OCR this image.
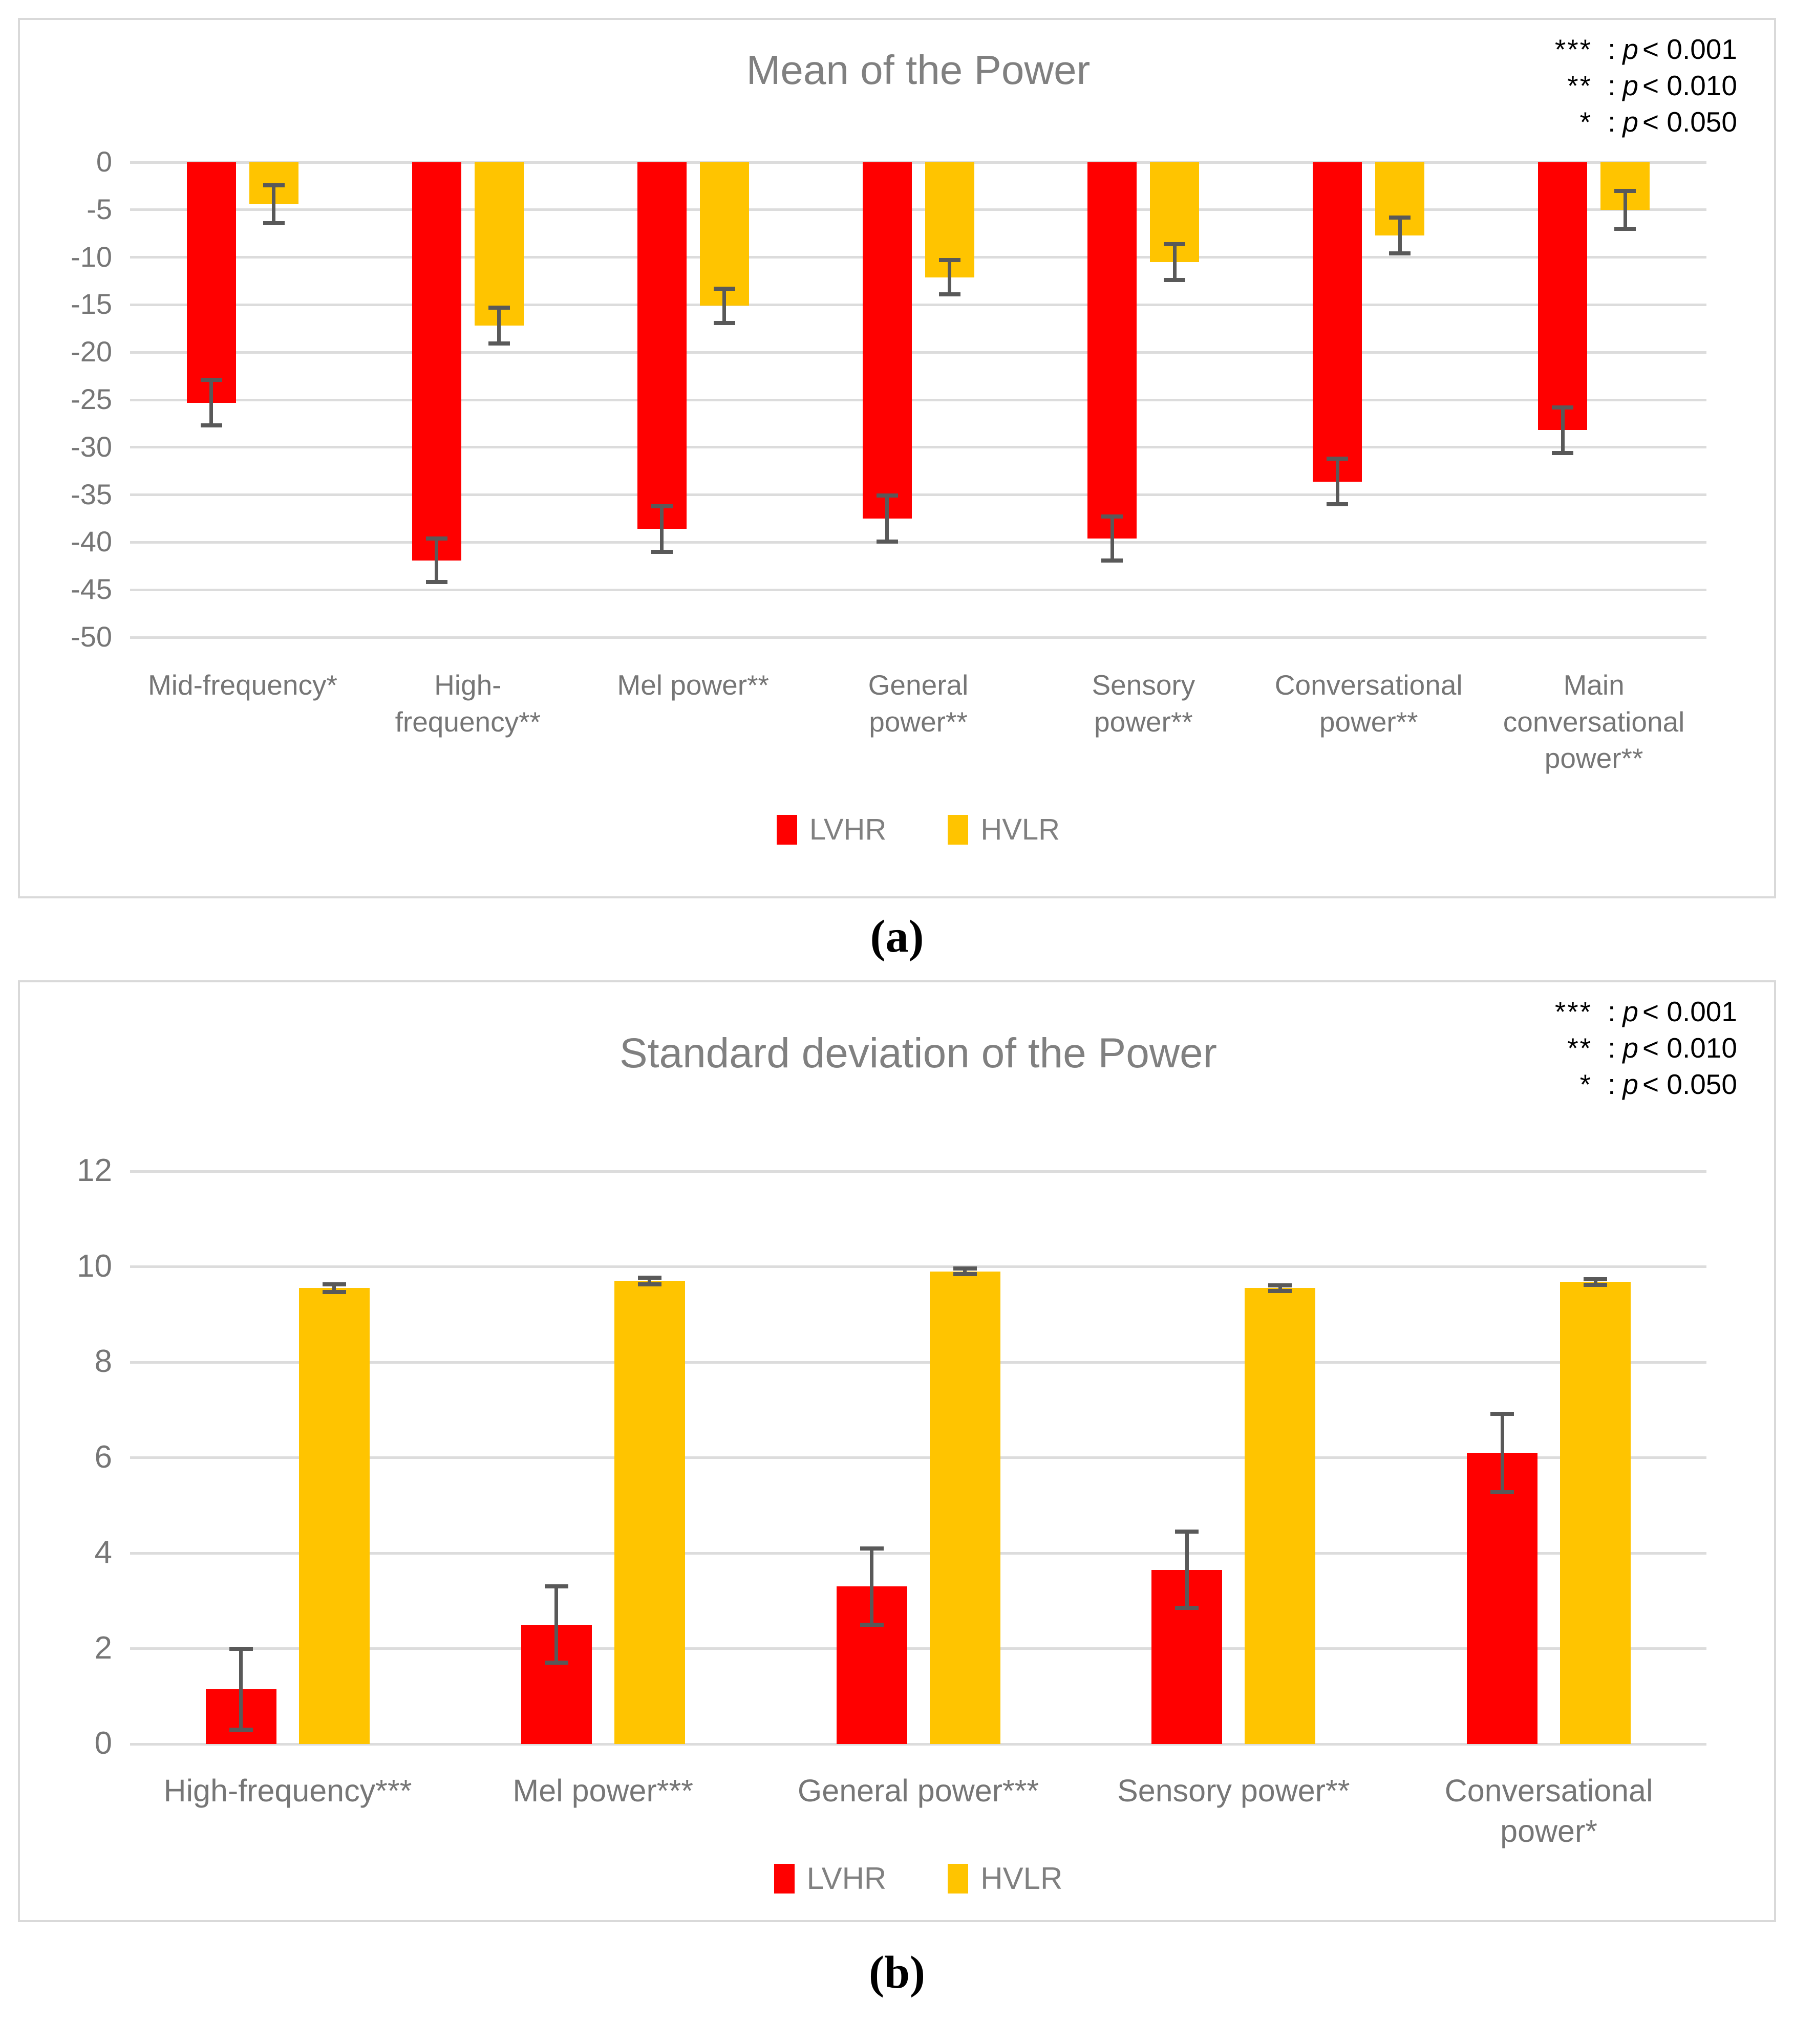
*** : p < 0.001
** : p < 0.010
* : p < 0.050
Mean of the Power
0
-5
-10
-15
-20
-25
-30
-35
-40
-45
-50
Mid-frequency*	High-
frequency**
Mel power**	General
power**
Sensory
power**
Conversational
power**
Main
conversational
power**
LVHR	HVLR
(a)
*** : p < 0.001
** : p < 0.010
* : p < 0.050
Standard deviation of the Power
0
2
4
6
8
10
12
High-frequency***	Mel power***	General power***	Sensory power**	Conversational
power*
LVHR	HVLR
(b)
